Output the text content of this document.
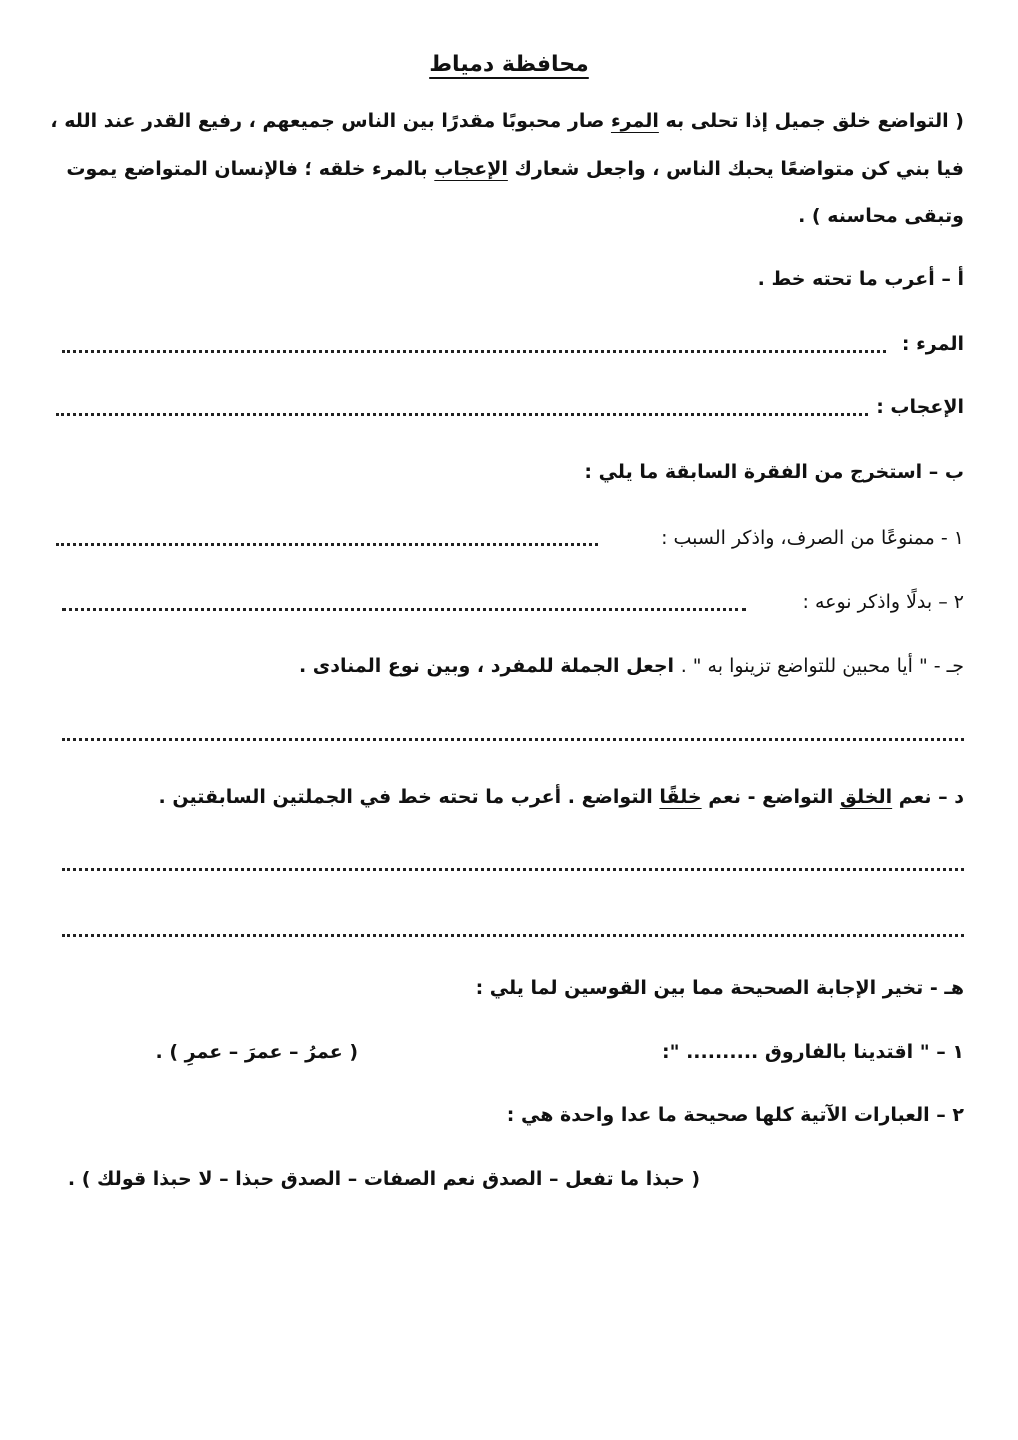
محافظة دمياط
( التواضع خلق جميل إذا تحلى به المرء صار محبوبًا مقدرًا بين الناس جميعهم ، رفيع القدر عند الله ،
فيا بني كن متواضعًا يحبك الناس ، واجعل شعارك الإعجاب بالمرء خلقه ؛ فالإنسان المتواضع يموت
وتبقى محاسنه ) .
أ – أعرب ما تحته خط .
المرء :
الإعجاب :
ب – استخرج من الفقرة السابقة ما يلي :
١ - ممنوعًا من الصرف، واذكر السبب :
٢ – بدلًا واذكر نوعه :
جـ - " أيا محبين للتواضع تزينوا به " . اجعل الجملة للمفرد ، وبين نوع المنادى .
د – نعم الخلق التواضع - نعم خلقًا التواضع . أعرب ما تحته خط في الجملتين السابقتين .
هـ - تخير الإجابة الصحيحة مما بين القوسين لما يلي :
١ – " اقتدينا بالفاروق .......... ":
( عمرُ – عمرَ – عمرِ ) .
٢ – العبارات الآتية كلها صحيحة ما عدا واحدة هي :
( حبذا ما تفعل – الصدق نعم الصفات – الصدق حبذا – لا حبذا قولك ) .
